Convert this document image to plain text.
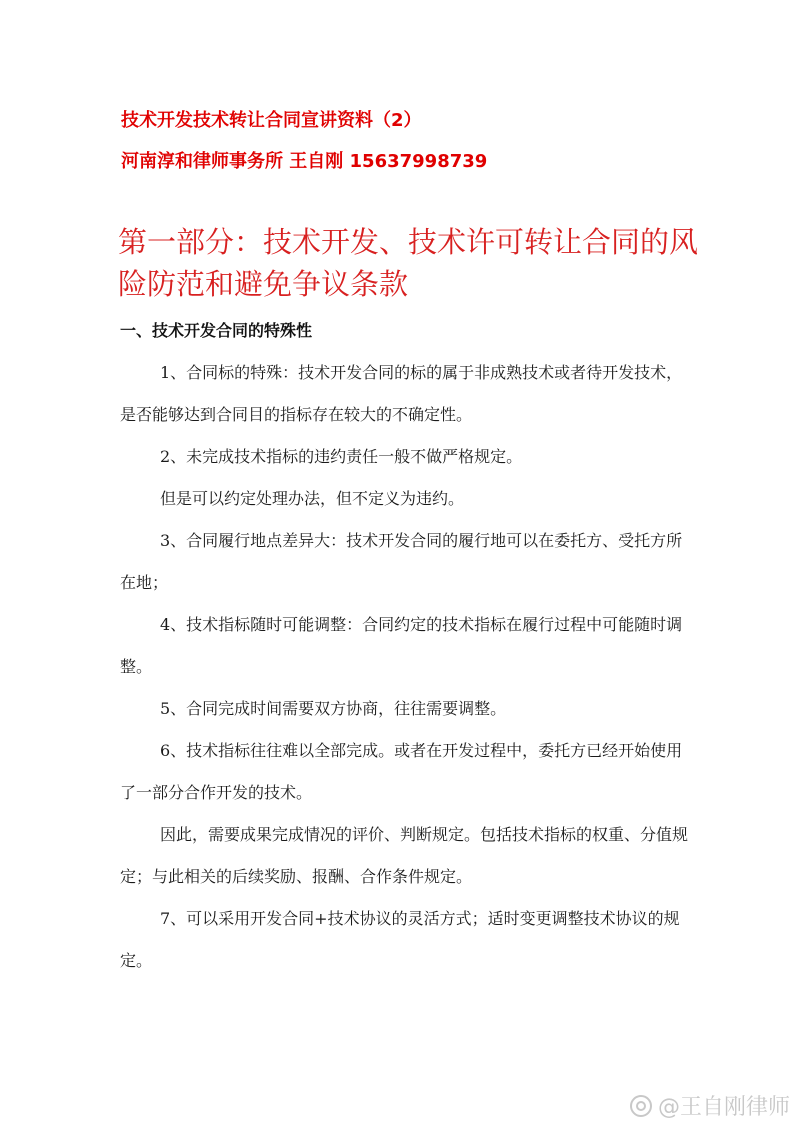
技术开发技术转让合同宣讲资料（2）
河南淳和律师事务所 王自刚 15637998739
第一部分：技术开发、技术许可转让合同的风险防范和避免争议条款
一、技术开发合同的特殊性

1、合同标的特殊：技术开发合同的标的属于非成熟技术或者待开发技术，是否能够达到合同目的指标存在较大的不确定性。

2、未完成技术指标的违约责任一般不做严格规定。

但是可以约定处理办法，但不定义为违约。

3、合同履行地点差异大：技术开发合同的履行地可以在委托方、受托方所在地；

4、技术指标随时可能调整：合同约定的技术指标在履行过程中可能随时调整。

5、合同完成时间需要双方协商，往往需要调整。

6、技术指标往往难以全部完成。或者在开发过程中，委托方已经开始使用了一部分合作开发的技术。

因此，需要成果完成情况的评价、判断规定。包括技术指标的权重、分值规定；与此相关的后续奖励、报酬、合作条件规定。

7、可以采用开发合同+技术协议的灵活方式；适时变更调整技术协议的规定。

@王自刚律师
